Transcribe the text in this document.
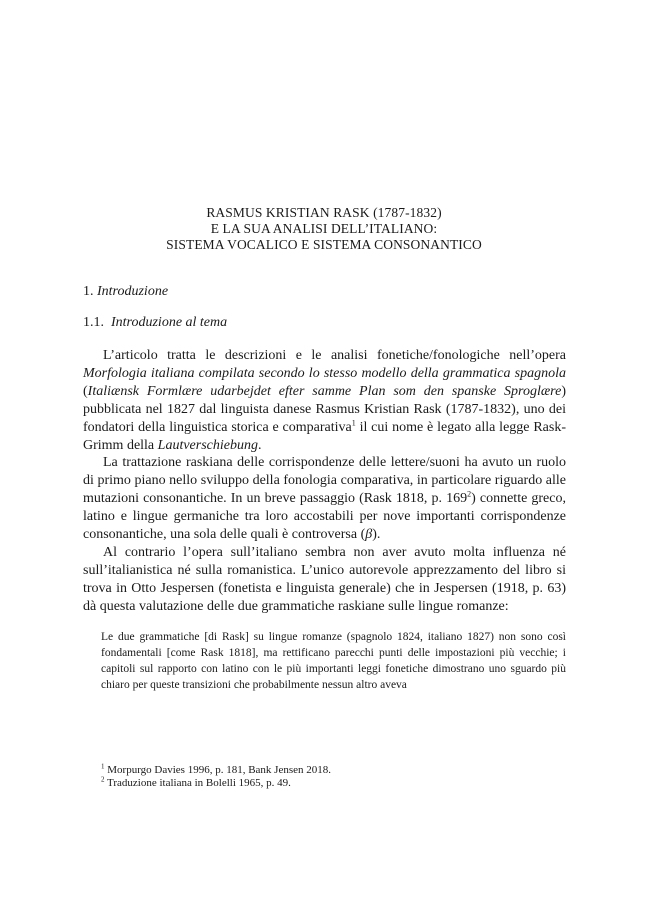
RASMUS KRISTIAN RASK (1787-1832)
E LA SUA ANALISI DELL’ITALIANO:
SISTEMA VOCALICO E SISTEMA CONSONANTICO
1. Introduzione
1.1. Introduzione al tema

L’articolo tratta le descrizioni e le analisi fonetiche/fonologiche nell’opera Morfologia italiana compilata secondo lo stesso modello della grammatica spagnola (Italiænsk Formlære udarbejdet efter samme Plan som den spanske Sproglære) pubblicata nel 1827 dal linguista danese Rasmus Kristian Rask (1787-1832), uno dei fondatori della linguistica storica e comparativa$^1$ il cui nome è legato alla legge Rask-Grimm della Lautverschiebung.

La trattazione raskiana delle corrispondenze delle lettere/suoni ha avuto un ruolo di primo piano nello sviluppo della fonologia comparativa, in particolare riguardo alle mutazioni consonantiche. In un breve passaggio (Rask 1818, p. $169^2$) connette greco, latino e lingue germaniche tra loro accostabili per nove importanti corrispondenze consonantiche, una sola delle quali è controversa (β).

Al contrario l’opera sull’italiano sembra non aver avuto molta influenza né sull’italianistica né sulla romanistica. L’unico autorevole apprezzamento del libro si trova in Otto Jespersen (fonetista e linguista generale) che in Jespersen (1918, p. 63) dà questa valutazione delle due grammatiche raskiane sulle lingue romanze:

Le due grammatiche [di Rask] su lingue romanze (spagnolo 1824, italiano 1827) non sono così fondamentali [come Rask 1818], ma rettificano parecchi punti delle impostazioni più vecchie; i capitoli sul rapporto con latino con le più importanti leggi fonetiche dimostrano uno sguardo più chiaro per queste transizioni che probabilmente nessun altro aveva

$^1$ Morpurgo Davies 1996, p. 181, Bank Jensen 2018.
$^2$ Traduzione italiana in Bolelli 1965, p. 49.
